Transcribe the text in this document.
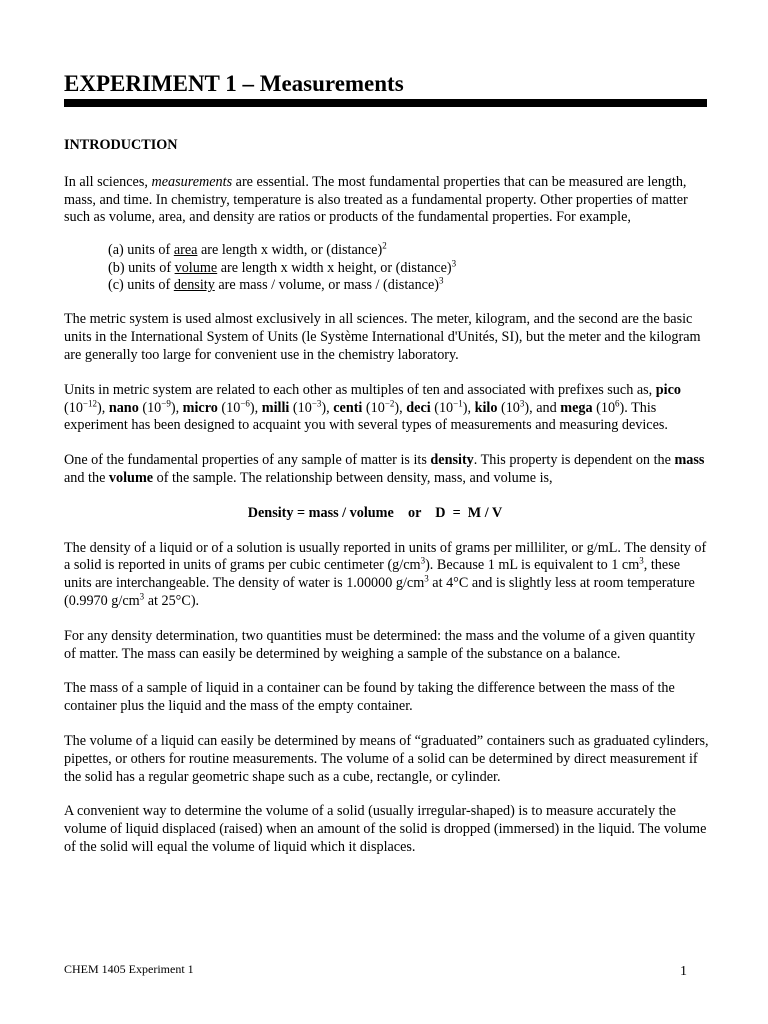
EXPERIMENT 1 – Measurements

INTRODUCTION

In all sciences, measurements are essential. The most fundamental properties that can be measured are length, mass, and time. In chemistry, temperature is also treated as a fundamental property. Other properties of matter such as volume, area, and density are ratios or products of the fundamental properties. For example,

(a) units of area are length x width, or (distance)$^2$
(b) units of volume are length x width x height, or (distance)$^3$
(c) units of density are mass / volume, or mass / (distance)$^3$

The metric system is used almost exclusively in all sciences. The meter, kilogram, and the second are the basic units in the International System of Units (le Système International d'Unités, SI), but the meter and the kilogram are generally too large for convenient use in the chemistry laboratory.

Units in metric system are related to each other as multiples of ten and associated with prefixes such as, pico $(10^{-12})$, nano $(10^{-9})$, micro $(10^{-6})$, milli $(10^{-3})$, centi $(10^{-2})$, deci $(10^{-1})$, kilo $(10^3)$, and mega $(10^6)$. This experiment has been designed to acquaint you with several types of measurements and measuring devices.

One of the fundamental properties of any sample of matter is its density. This property is dependent on the mass and the volume of the sample. The relationship between density, mass, and volume is,

Density = mass / volume    or    D  =  M / V

The density of a liquid or of a solution is usually reported in units of grams per milliliter, or g/mL. The density of a solid is reported in units of grams per cubic centimeter $(g/cm^3)$. Because 1 mL is equivalent to 1 $cm^3$, these units are interchangeable. The density of water is 1.00000 $g/cm^3$ at 4°C and is slightly less at room temperature (0.9970 $g/cm^3$ at 25°C).

For any density determination, two quantities must be determined: the mass and the volume of a given quantity of matter. The mass can easily be determined by weighing a sample of the substance on a balance.

The mass of a sample of liquid in a container can be found by taking the difference between the mass of the container plus the liquid and the mass of the empty container.

The volume of a liquid can easily be determined by means of “graduated” containers such as graduated cylinders, pipettes, or others for routine measurements. The volume of a solid can be determined by direct measurement if the solid has a regular geometric shape such as a cube, rectangle, or cylinder.

A convenient way to determine the volume of a solid (usually irregular-shaped) is to measure accurately the volume of liquid displaced (raised) when an amount of the solid is dropped (immersed) in the liquid. The volume of the solid will equal the volume of liquid which it displaces.

CHEM 1405 Experiment 1	1
